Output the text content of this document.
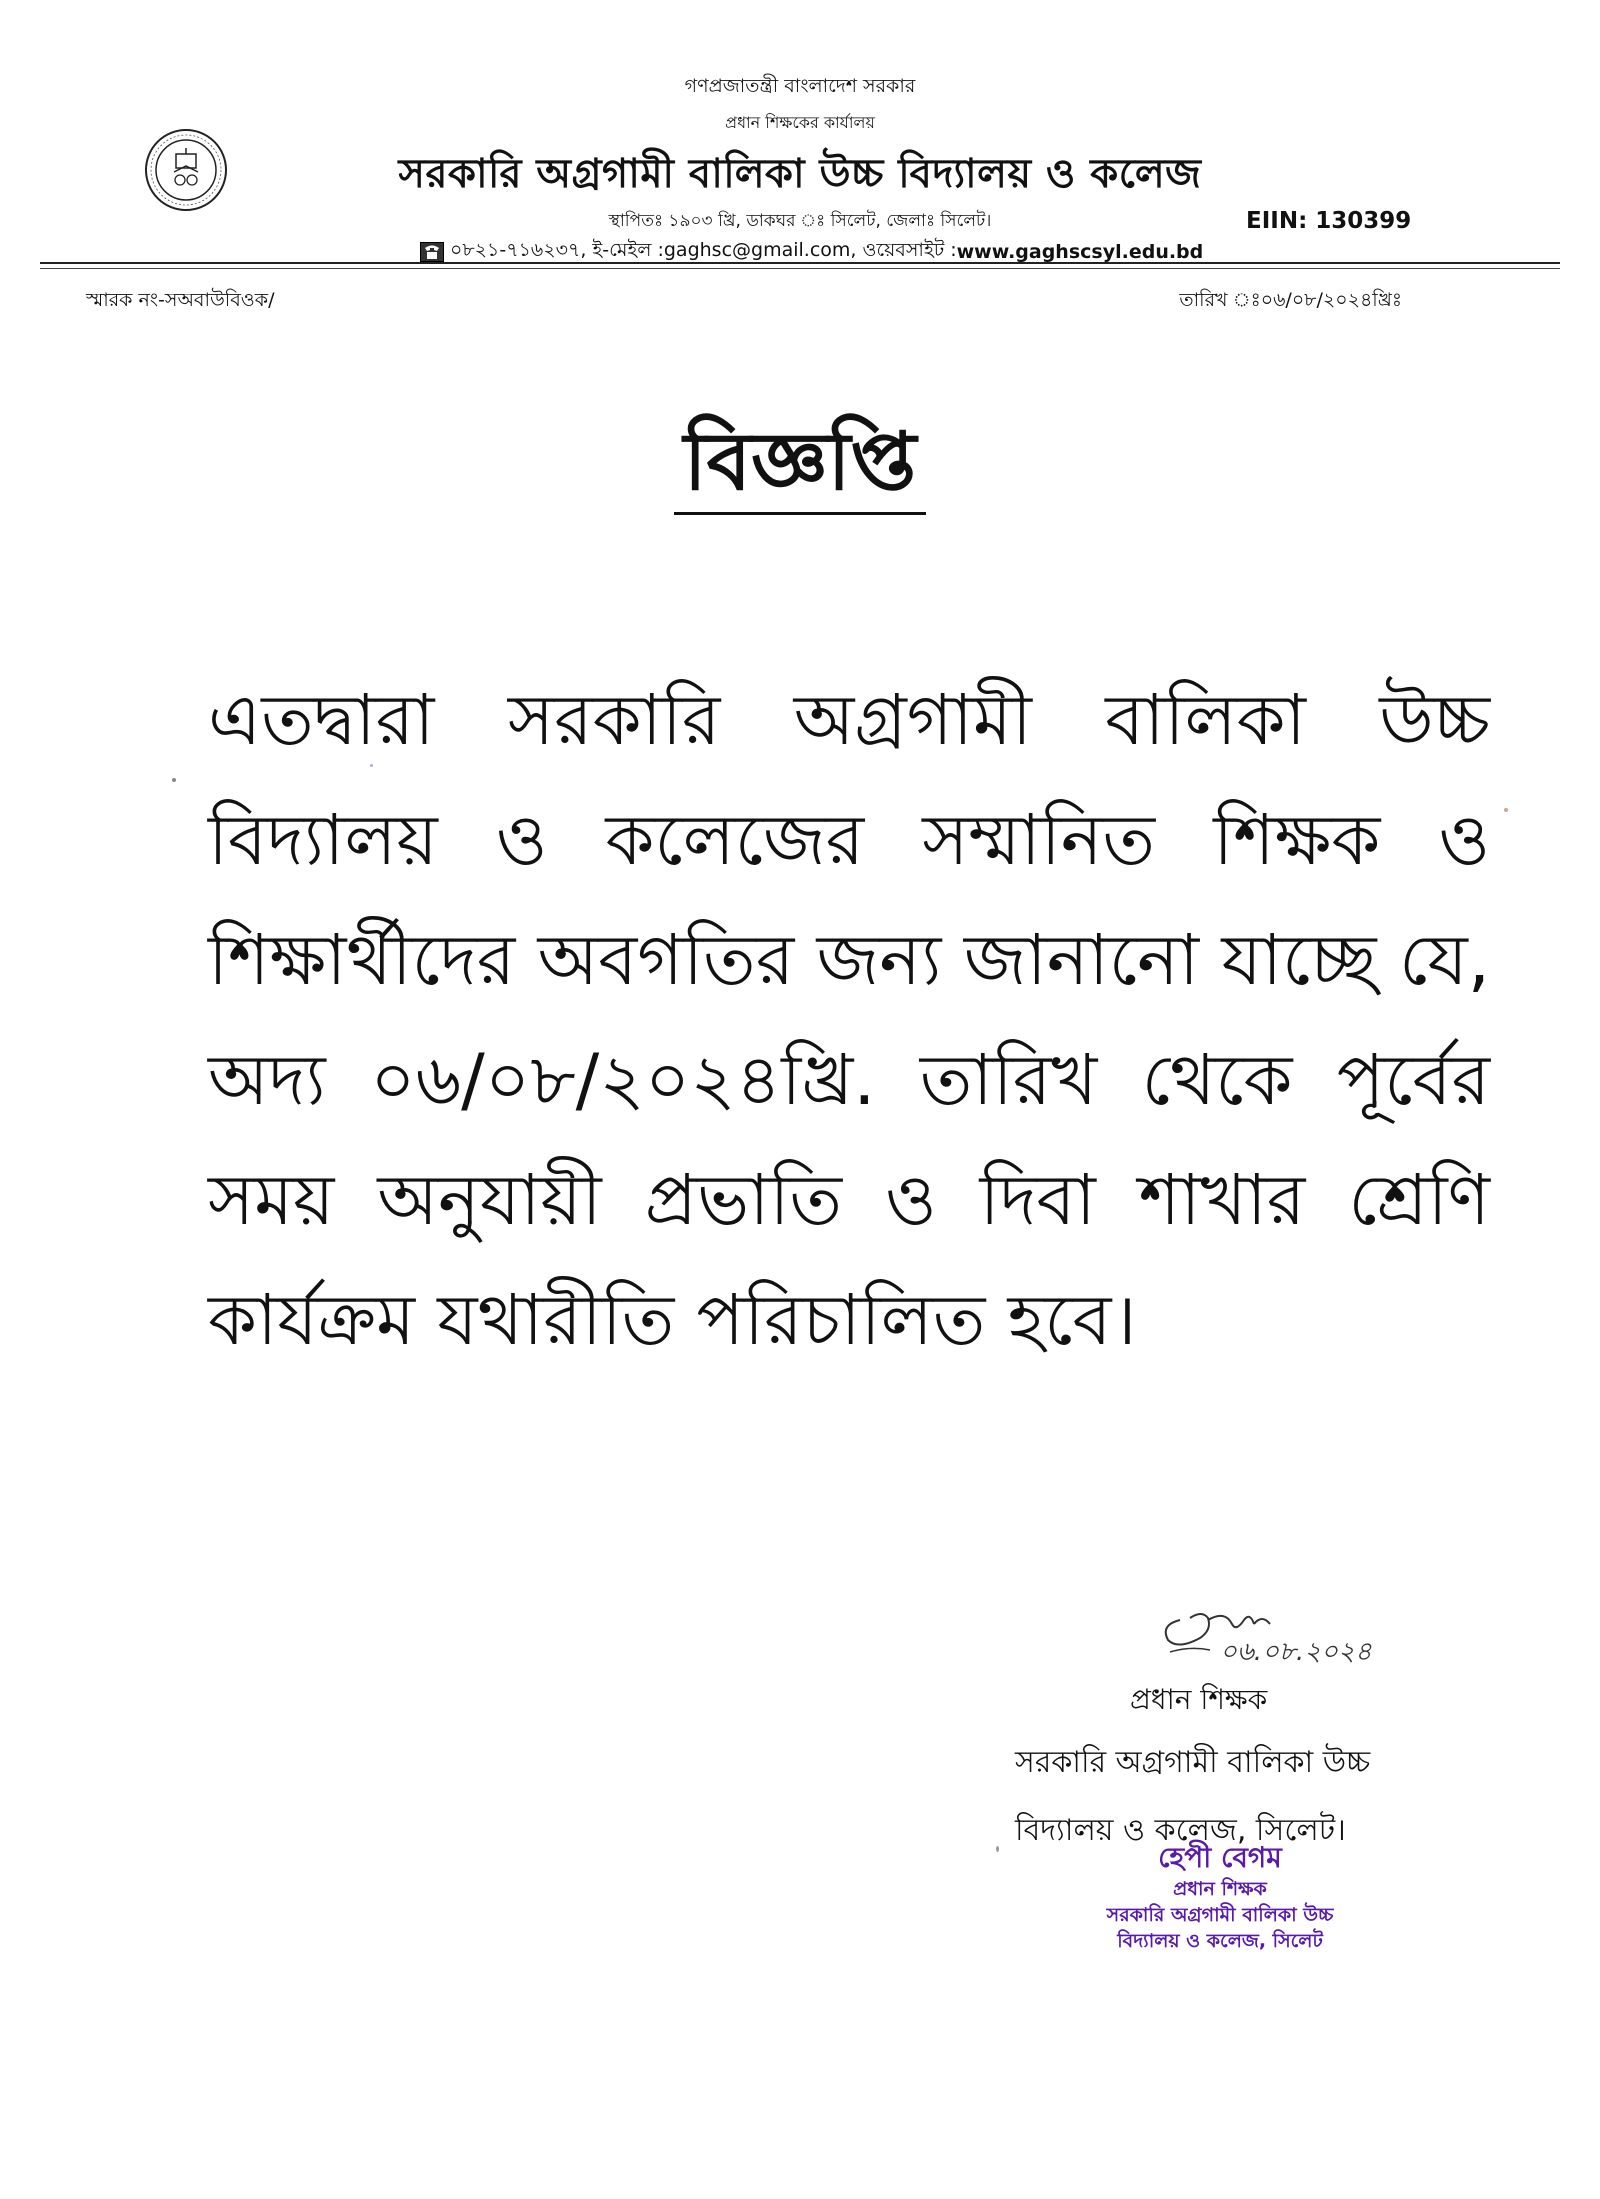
গণপ্রজাতন্ত্রী বাংলাদেশ সরকার
প্রধান শিক্ষকের কার্যালয়
সরকারি অগ্রগামী বালিকা উচ্চ বিদ্যালয় ও কলেজ
স্থাপিতঃ ১৯০৩ খ্রি, ডাকঘর ঃ সিলেট, জেলাঃ সিলেট।	EIIN: 130399
০৮২১-৭১৬২৩৭, ই-মেইল :gaghsc@gmail.com, ওয়েবসাইট : www.gaghscsyl.edu.bd
স্মারক নং-সঅবাউবিওক/	তারিখ ঃ০৬/০৮/২০২৪খ্রিঃ
বিজ্ঞপ্তি
এতদ্বারা সরকারি অগ্রগামী বালিকা উচ্চ বিদ্যালয় ও কলেজের সম্মানিত শিক্ষক ও শিক্ষার্থীদের অবগতির জন্য জানানো যাচ্ছে যে, অদ্য ০৬/০৮/২০২৪খ্রি. তারিখ থেকে পূর্বের সময় অনুযায়ী প্রভাতি ও দিবা শাখার শ্রেণি কার্যক্রম যথারীতি পরিচালিত হবে।
০৬.০৮.২০২৪
প্রধান শিক্ষক
সরকারি অগ্রগামী বালিকা উচ্চ
বিদ্যালয় ও কলেজ, সিলেট।
হেপী বেগম
প্রধান শিক্ষক
সরকারি অগ্রগামী বালিকা উচ্চ
বিদ্যালয় ও কলেজ, সিলেট
